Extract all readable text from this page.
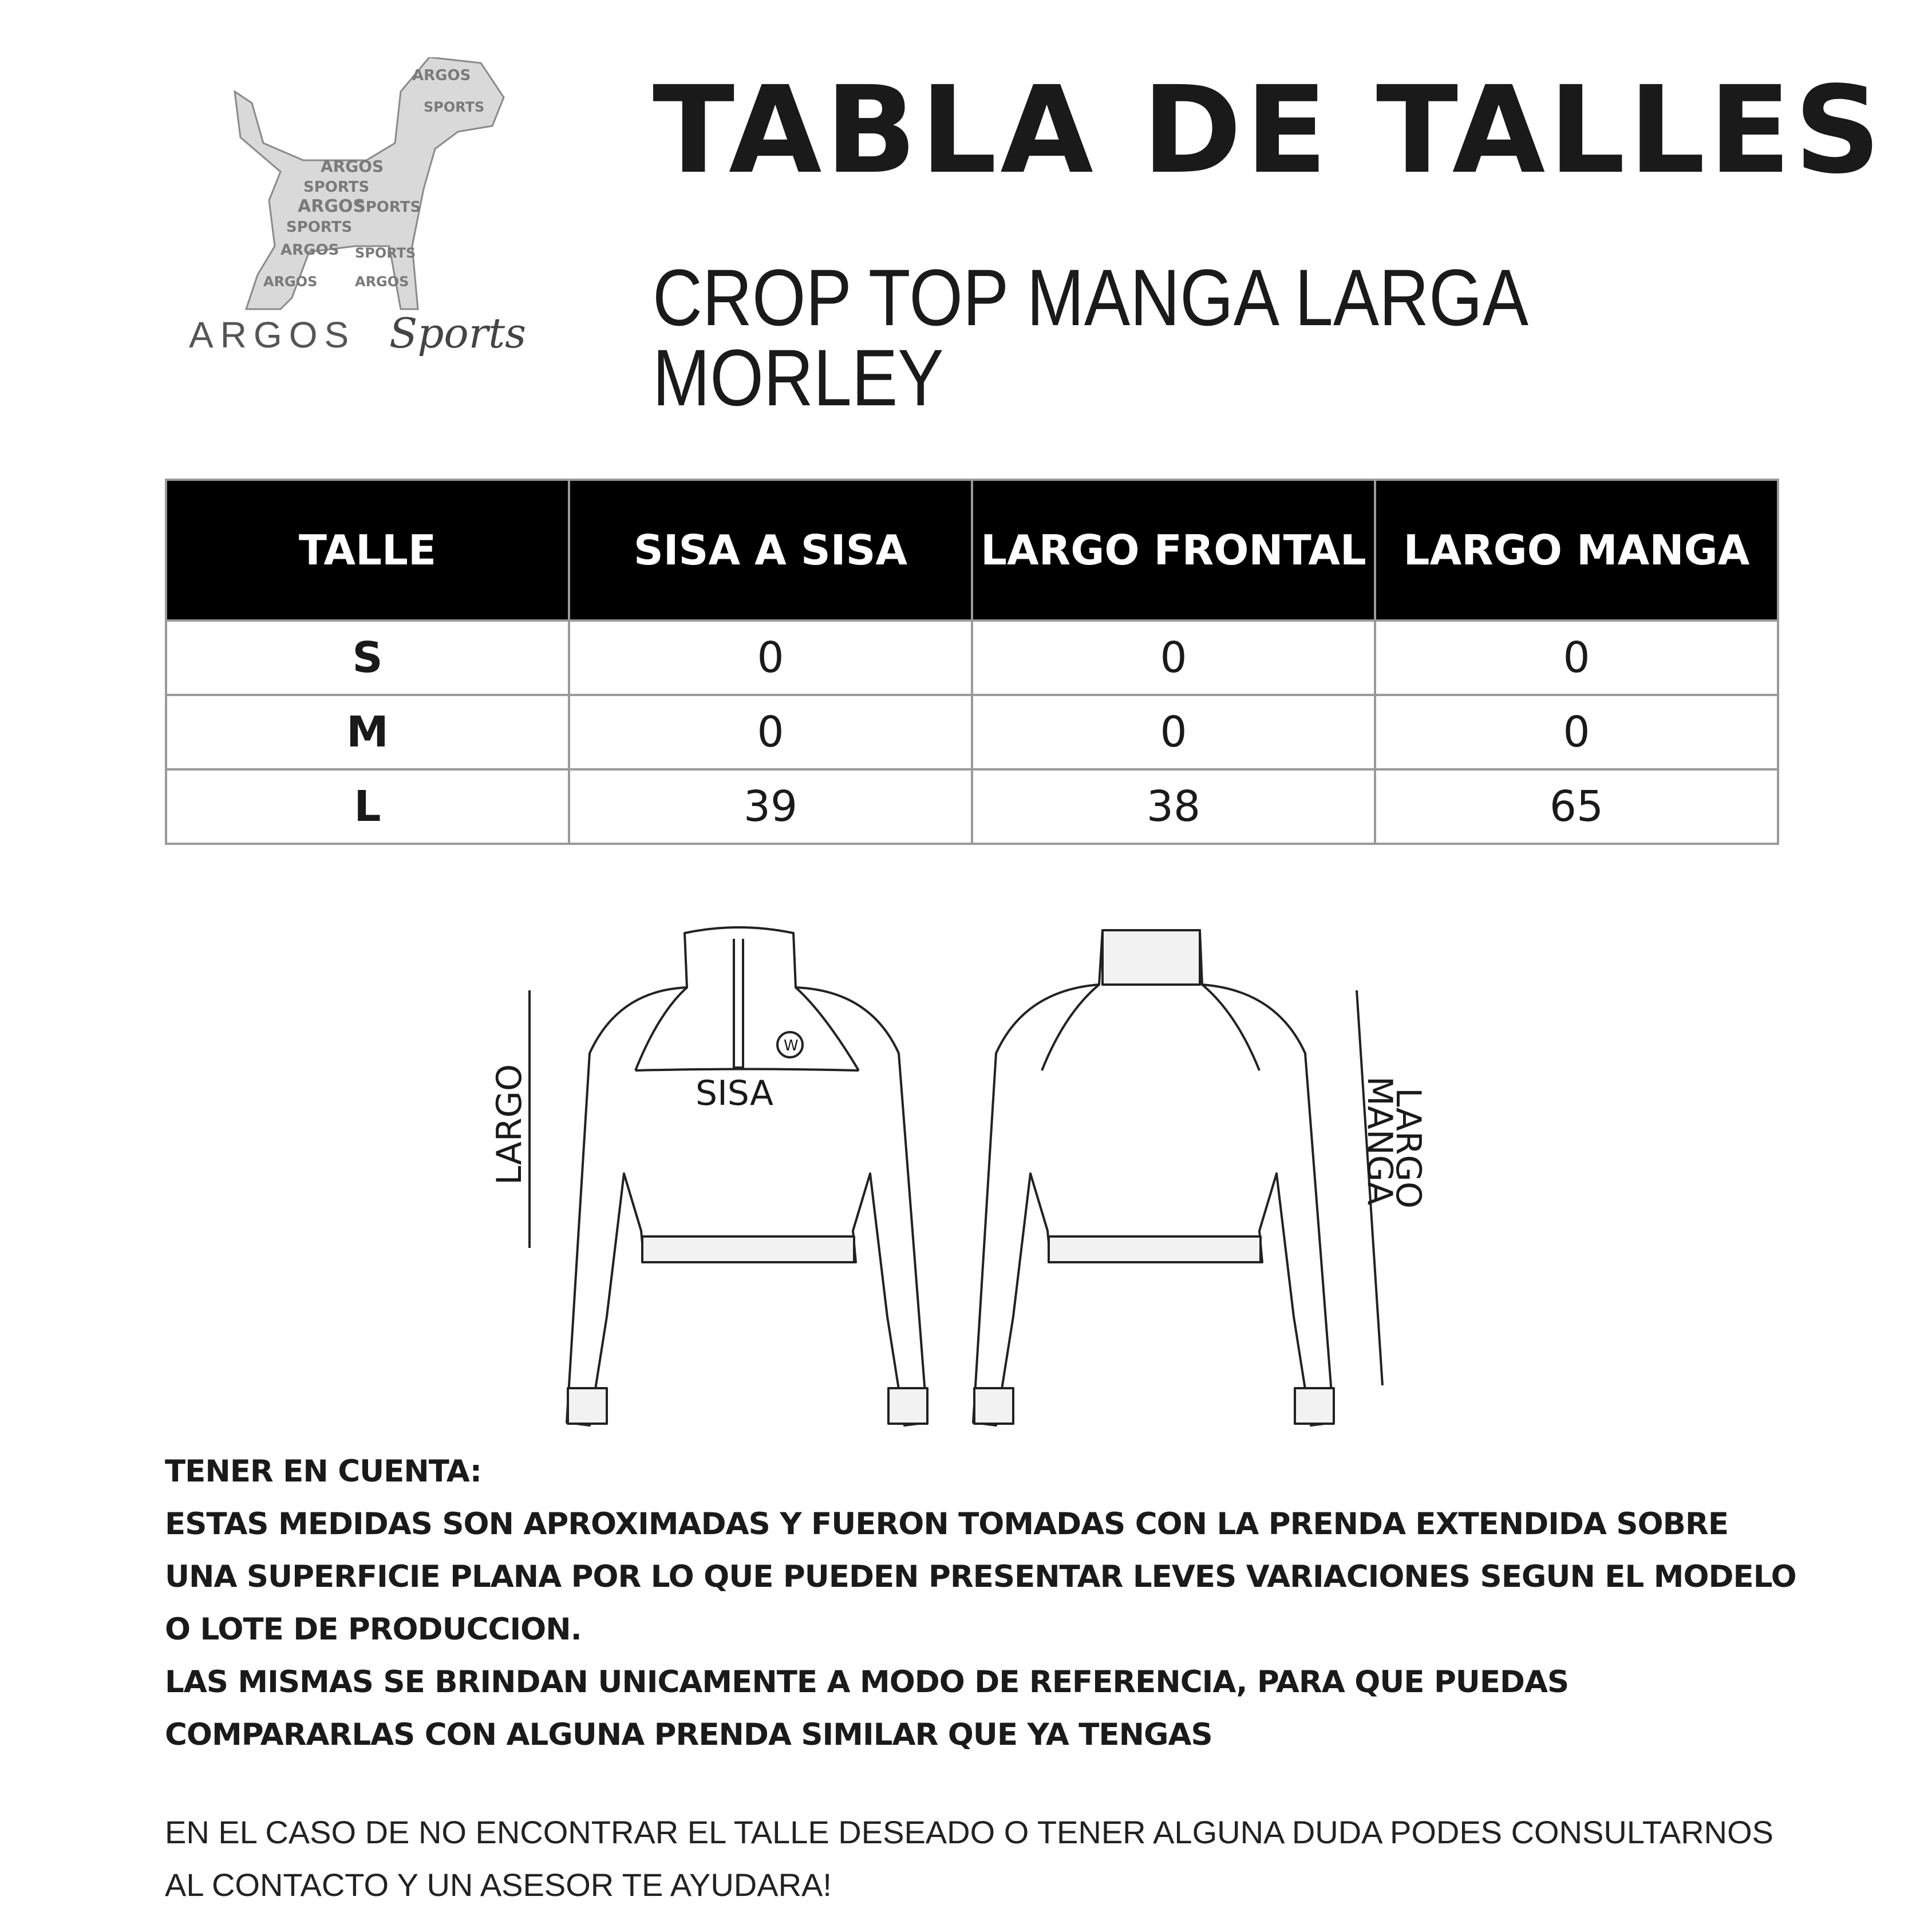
ARGOS
SPORTS
ARGOS
SPORTS
ARGOS
SPORTS
SPORTS
ARGOS
ARGOS
SPORTS
ARGOS
ARGOS Sports
TABLA DE TALLES
CROP TOP MANGA LARGA MORLEY
TALLE	SISA A SISA	LARGO FRONTAL	LARGO MANGA
S	0	0	0
M	0	0	0
L	39	38	65
LARGO	SISA	LARGO
MANGA
W

TENER EN CUENTA:

ESTAS MEDIDAS SON APROXIMADAS Y FUERON TOMADAS CON LA PRENDA EXTENDIDA SOBRE UNA SUPERFICIE PLANA POR LO QUE PUEDEN PRESENTAR LEVES VARIACIONES SEGUN EL MODELO O LOTE DE PRODUCCION.

LAS MISMAS SE BRINDAN UNICAMENTE A MODO DE REFERENCIA, PARA QUE PUEDAS COMPARARLAS CON ALGUNA PRENDA SIMILAR QUE YA TENGAS

EN EL CASO DE NO ENCONTRAR EL TALLE DESEADO O TENER ALGUNA DUDA PODES CONSULTARNOS AL CONTACTO Y UN ASESOR TE AYUDARA!
